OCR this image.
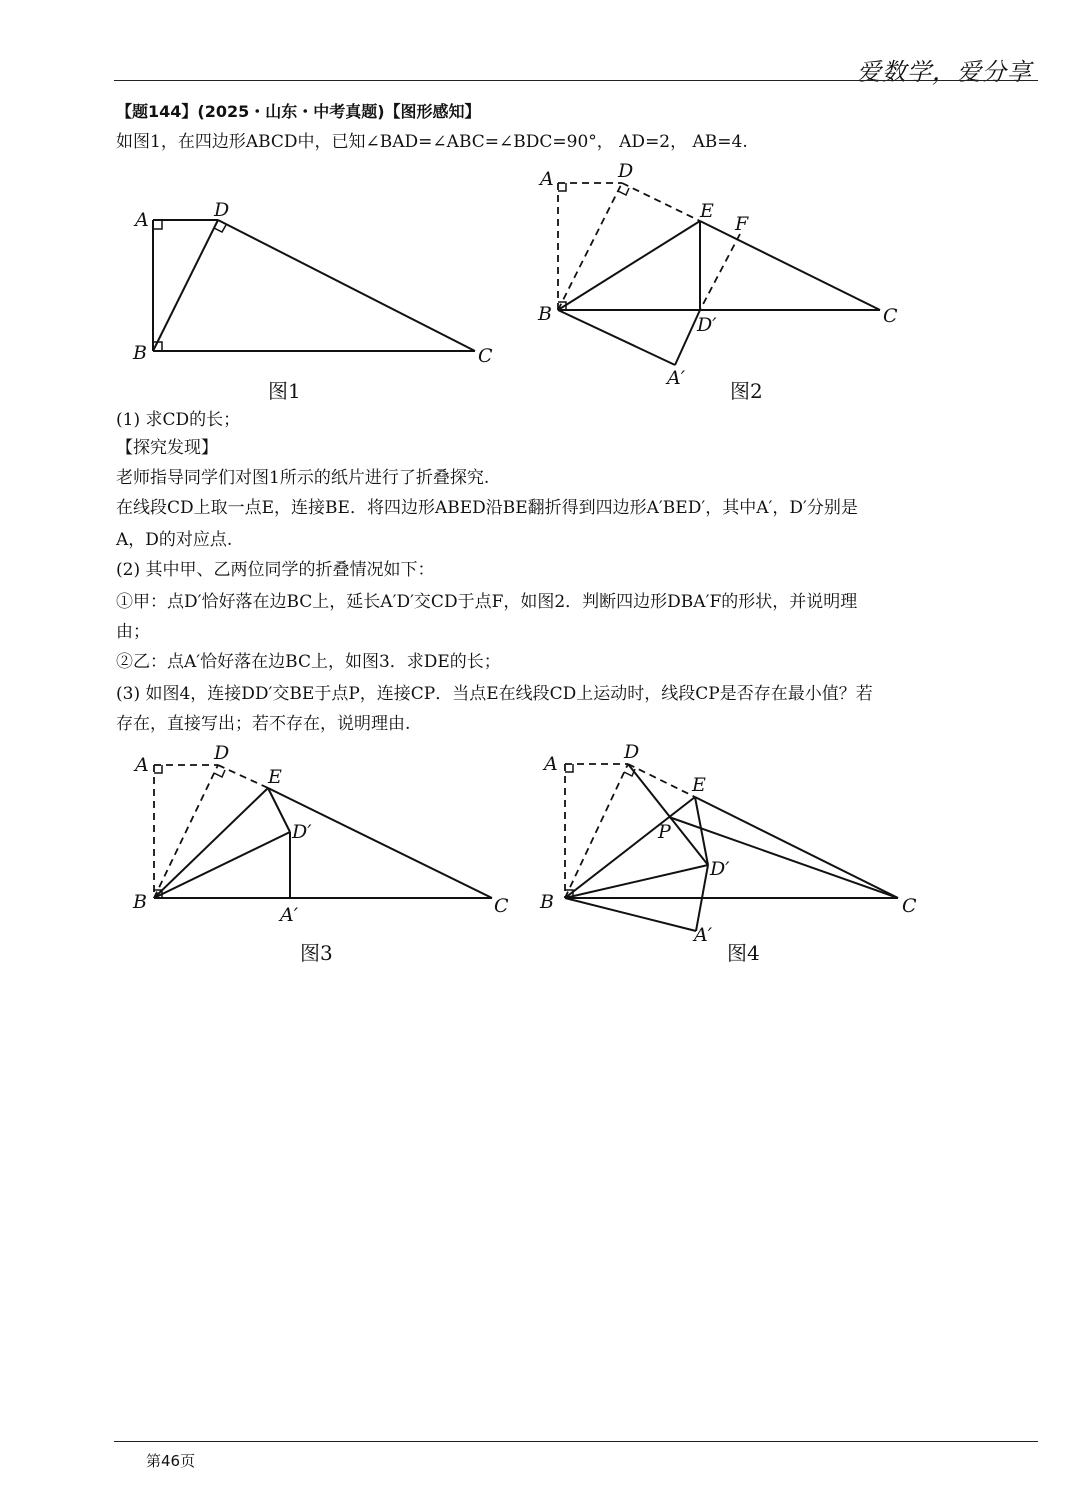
爱数学，爱分享
【题144】(2025・山东・中考真题)【图形感知】
如图1，在四边形ABCD中，已知∠BAD=∠ABC=∠BDC=90°， AD=2， AB=4.
A	D
B	C
图1
A	D
E
F
B	D′	C
A′
图2
(1) 求CD的长；
【探究发现】
老师指导同学们对图1所示的纸片进行了折叠探究.
在线段CD上取一点E，连接BE．将四边形ABED沿BE翻折得到四边形A′BED′，其中A′，D′分别是
A，D的对应点.
(2) 其中甲、乙两位同学的折叠情况如下：
①甲：点D′恰好落在边BC上，延长A′D′交CD于点F，如图2．判断四边形DBA′F的形状，并说明理
由；
②乙：点A′恰好落在边BC上，如图3．求DE的长；
(3) 如图4，连接DD′交BE于点P，连接CP．当点E在线段CD上运动时，线段CP是否存在最小值？若
存在，直接写出；若不存在，说明理由.
A
D
E
D′
B
A′	C
图3
A
D
E
P
D′
B
A′
C
图4
第46页
